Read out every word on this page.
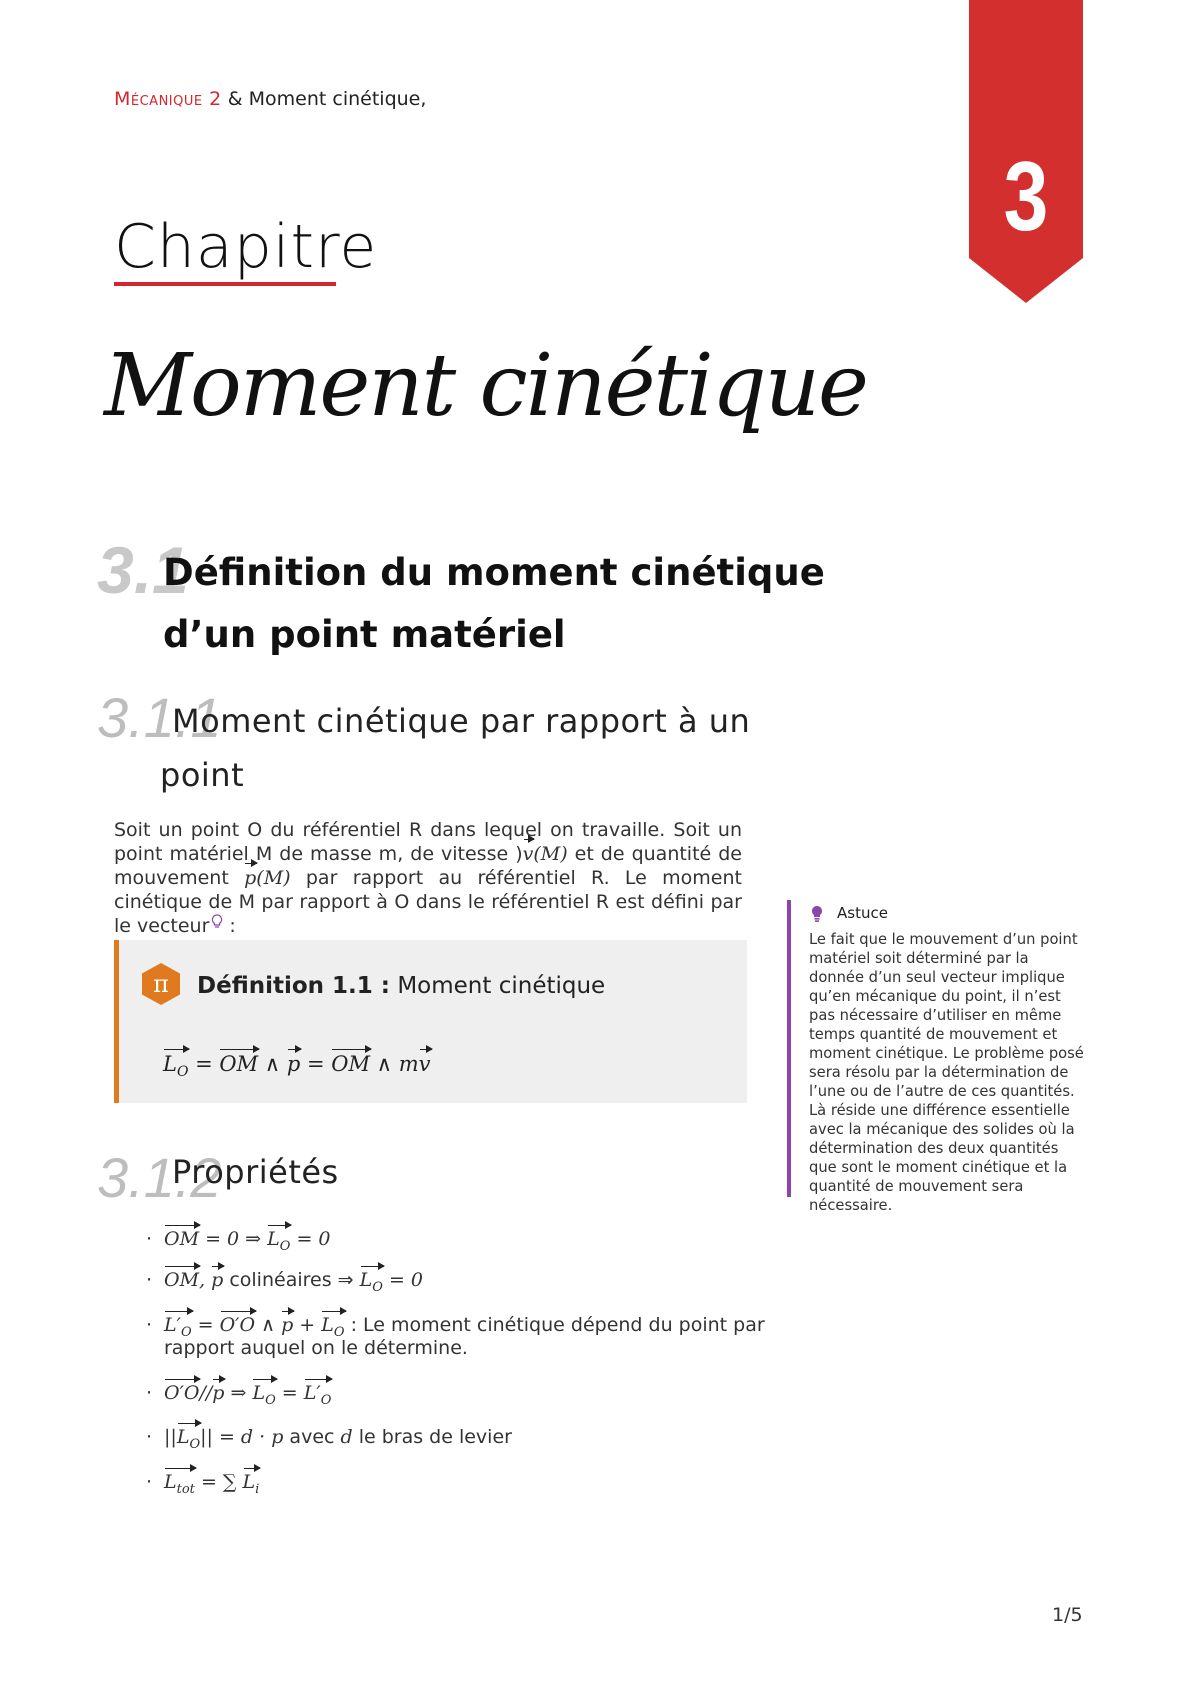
Mécanique 2 & Moment cinétique,
3
Chapitre
Moment cinétique
3.1
Définition du moment cinétique
d’un point matériel
3.1.1
Moment cinétique par rapport à un
point
Soit un point O du référentiel R dans lequel on travaille. Soit un point matériel M de masse m, de vitesse )v(M) et de quantité de mouvement p(M) par rapport au référentiel R. Le moment cinétique de M par rapport à O dans le référentiel R est défini par le vecteur :
π Définition 1.1 : Moment cinétique
$L_O$ = OM ∧ p = OM ∧ mv
3.1.2
Propriétés
· OM = 0 ⇒ $L_O = 0$
· OM, p colinéaires ⇒ $L_O = 0$
· $L'_O = O'O$ ∧ $p + L_O$ : Le moment cinétique dépend du point par
rapport auquel on le détermine.
· O′O//p ⇒ $L_O = L'_O$
· $||L_O|| = d \cdot p$ avec d le bras de levier
· $L_{tot}$ = ∑ $L_i$
Astuce
Le fait que le mouvement d’un point matériel soit déterminé par la donnée d’un seul vecteur implique qu’en mécanique du point, il n’est pas nécessaire d’utiliser en même temps quantité de mouvement et moment cinétique. Le problème posé sera résolu par la détermination de l’une ou de l’autre de ces quantités. Là réside une différence essentielle avec la mécanique des solides où la détermination des deux quantités que sont le moment cinétique et la quantité de mouvement sera nécessaire.
1/5
